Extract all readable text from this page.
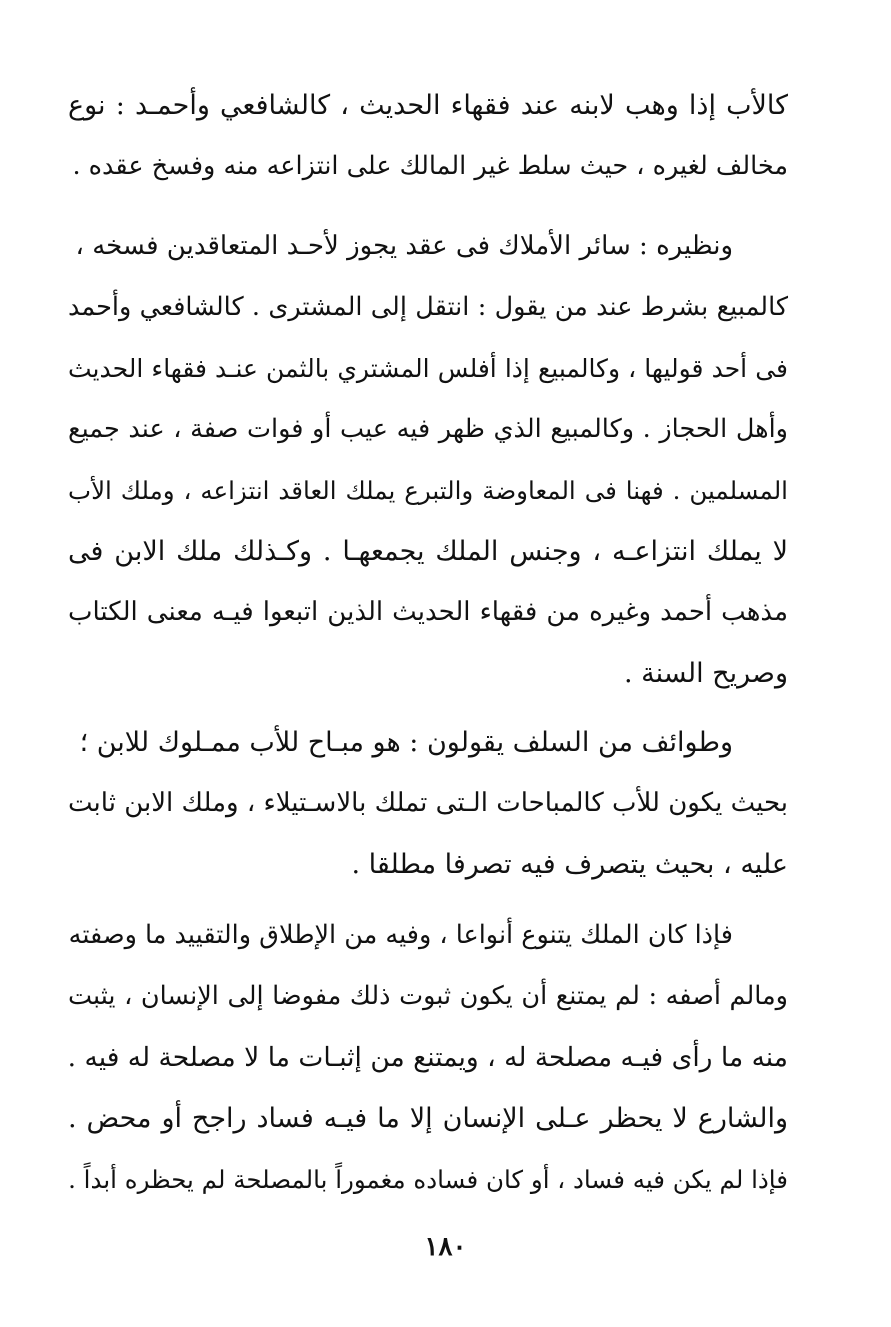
كالأب إذا وهب لابنه عند فقهاء الحديث ، كالشافعي وأحمـد : نوع
مخالف لغيره ، حيث سلط غير المالك على انتزاعه منه وفسخ عقده .
ونظيره : سائر الأملاك فى عقد يجوز لأحـد المتعاقدين فسخه ،
كالمبيع بشرط عند من يقول : انتقل إلى المشترى . كالشافعي وأحمد
فى أحد قوليها ، وكالمبيع إذا أفلس المشتري بالثمن عنـد فقهاء الحديث
وأهل الحجاز . وكالمبيع الذي ظهر فيه عيب أو فوات صفة ، عند جميع
المسلمين . فهنا فى المعاوضة والتبرع يملك العاقد انتزاعه ، وملك الأب
لا يملك انتزاعـه ، وجنس الملك يجمعهـا . وكـذلك ملك الابن فى
مذهب أحمد وغيره من فقهاء الحديث الذين اتبعوا فيـه معنى الكتاب
وصريح السنة .
وطوائف من السلف يقولون : هو مبـاح للأب ممـلوك للابن ؛
بحيث يكون للأب كالمباحات الـتى تملك بالاسـتيلاء ، وملك الابن ثابت
عليه ، بحيث يتصرف فيه تصرفا مطلقا .
فإذا كان الملك يتنوع أنواعا ، وفيه من الإطلاق والتقييد ما وصفته
ومالم أصفه : لم يمتنع أن يكون ثبوت ذلك مفوضا إلى الإنسان ، يثبت
منه ما رأى فيـه مصلحة له ، ويمتنع من إثبـات ما لا مصلحة له فيه .
والشارع لا يحظر عـلى الإنسان إلا ما فيـه فساد راجح أو محض .
فإذا لم يكن فيه فساد ، أو كان فساده مغموراً بالمصلحة لم يحظره أبداً .
١٨٠
